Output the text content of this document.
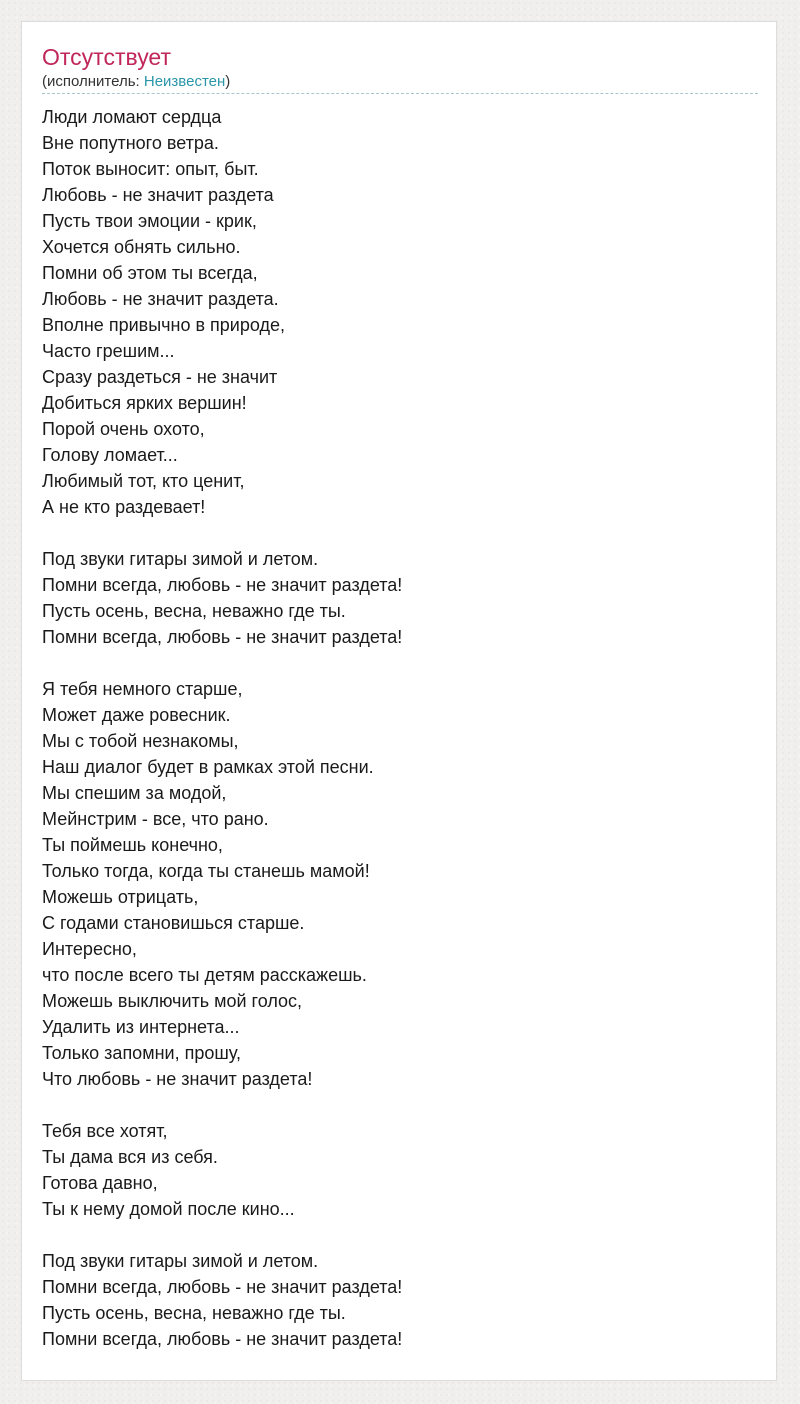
Отсутствует
(исполнитель: Неизвестен)
Люди ломают сердца
Вне попутного ветра.
Поток выносит: опыт, быт.
Любовь - не значит раздета
Пусть твои эмоции - крик,
Хочется обнять сильно.
Помни об этом ты всегда,
Любовь - не значит раздета.
Вполне привычно в природе,
Часто грешим...
Сразу раздеться - не значит
Добиться ярких вершин!
Порой очень охото,
Голову ломает...
Любимый тот, кто ценит,
А не кто раздевает!
Под звуки гитары зимой и летом.
Помни всегда, любовь - не значит раздета!
Пусть осень, весна, неважно где ты.
Помни всегда, любовь - не значит раздета!
Я тебя немного старше,
Может даже ровесник.
Мы с тобой незнакомы,
Наш диалог будет в рамках этой песни.
Мы спешим за модой,
Мейнстрим - все, что рано.
Ты поймешь конечно,
Только тогда, когда ты станешь мамой!
Можешь отрицать,
С годами становишься старше.
Интересно,
что после всего ты детям расскажешь.
Можешь выключить мой голос,
Удалить из интернета...
Только запомни, прошу,
Что любовь - не значит раздета!
Тебя все хотят,
Ты дама вся из себя.
Готова давно,
Ты к нему домой после кино...
Под звуки гитары зимой и летом.
Помни всегда, любовь - не значит раздета!
Пусть осень, весна, неважно где ты.
Помни всегда, любовь - не значит раздета!
